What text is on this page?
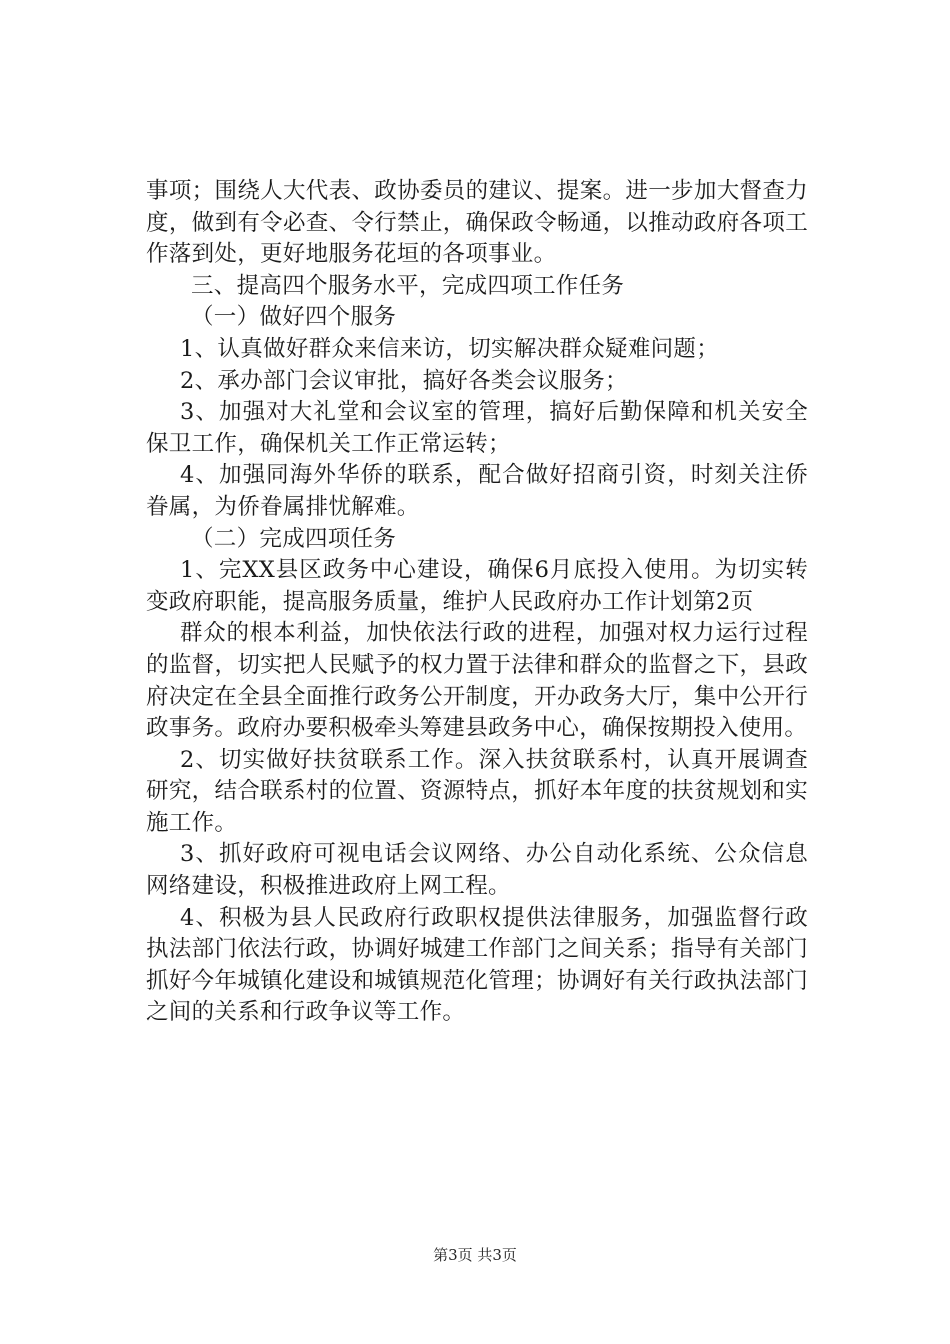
事项；围绕人大代表、政协委员的建议、提案。进一步加大督查力度，做到有令必查、令行禁止，确保政令畅通，以推动政府各项工作落到处，更好地服务花垣的各项事业。

三、提高四个服务水平，完成四项工作任务

（一）做好四个服务

1、认真做好群众来信来访，切实解决群众疑难问题；

2、承办部门会议审批，搞好各类会议服务；

3、加强对大礼堂和会议室的管理，搞好后勤保障和机关安全保卫工作，确保机关工作正常运转；

4、加强同海外华侨的联系，配合做好招商引资，时刻关注侨眷属，为侨眷属排忧解难。

（二）完成四项任务

1、完XX县区政务中心建设，确保6月底投入使用。为切实转变政府职能，提高服务质量，维护人民政府办工作计划第2页

群众的根本利益，加快依法行政的进程，加强对权力运行过程的监督，切实把人民赋予的权力置于法律和群众的监督之下，县政府决定在全县全面推行政务公开制度，开办政务大厅，集中公开行政事务。政府办要积极牵头筹建县政务中心，确保按期投入使用。

2、切实做好扶贫联系工作。深入扶贫联系村，认真开展调查研究，结合联系村的位置、资源特点，抓好本年度的扶贫规划和实施工作。

3、抓好政府可视电话会议网络、办公自动化系统、公众信息网络建设，积极推进政府上网工程。

4、积极为县人民政府行政职权提供法律服务，加强监督行政执法部门依法行政，协调好城建工作部门之间关系；指导有关部门抓好今年城镇化建设和城镇规范化管理；协调好有关行政执法部门之间的关系和行政争议等工作。

第3页 共3页
